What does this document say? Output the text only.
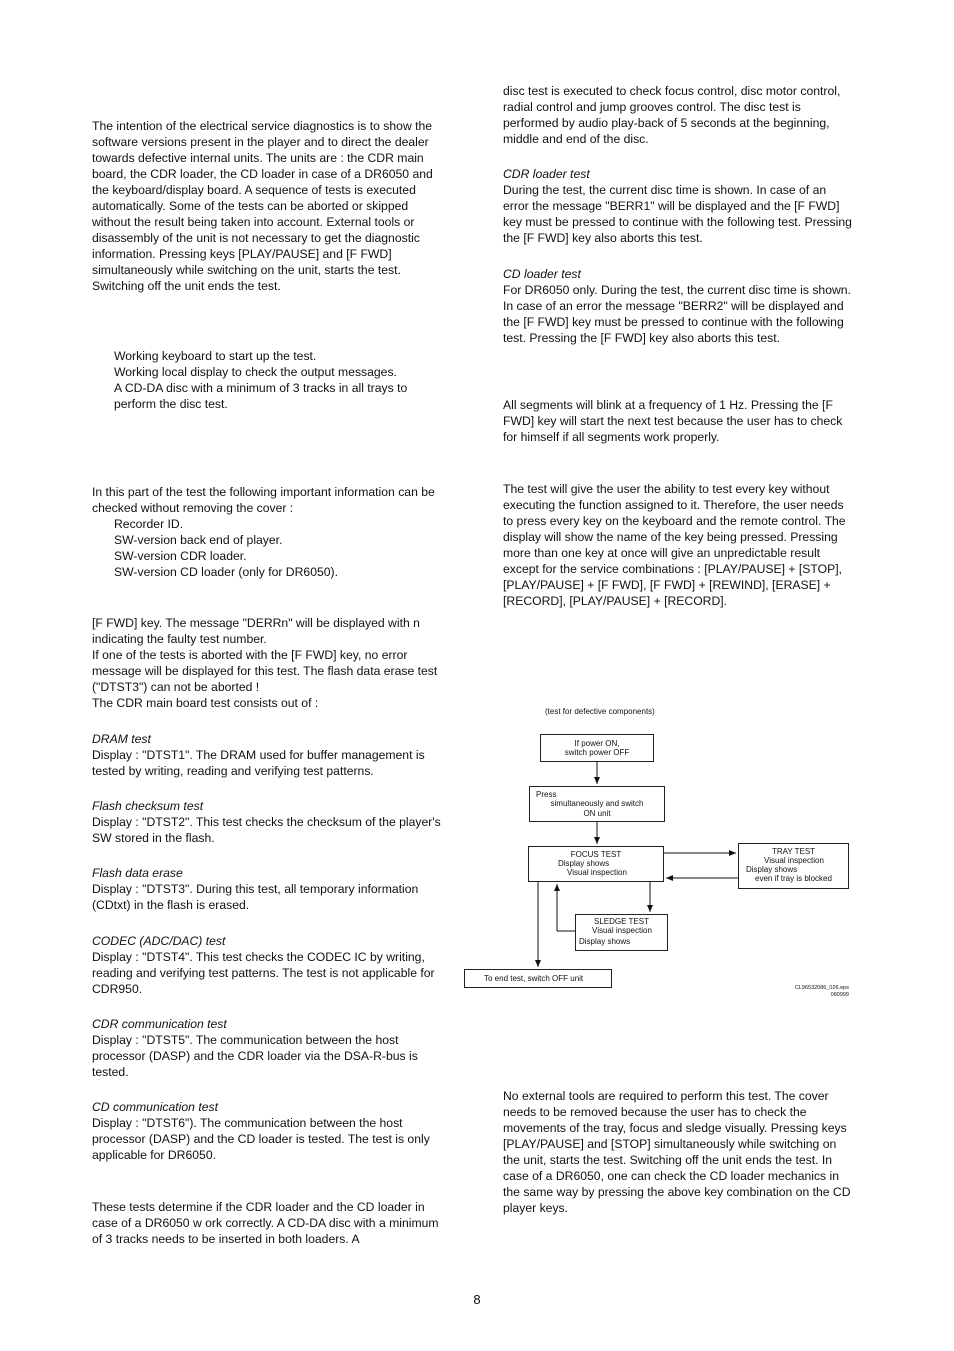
The intention of the electrical service diagnostics is to show the software versions present in the player and to direct the dealer towards defective internal units. The units are : the CDR main board, the CDR loader, the CD loader in case of a DR6050 and the keyboard/display board. A sequence of tests is executed automatically. Some of the tests can be aborted or skipped without the result being taken into account. External tools or disassembly of the unit is not necessary to get the diagnostic information. Pressing keys [PLAY/PAUSE] and [F FWD] simultaneously while switching on the unit, starts the test. Switching off the unit ends the test.

Working keyboard to start up the test.

Working local display to check the output messages.

A CD-DA disc with a minimum of 3 tracks in all trays to perform the disc test.

In this part of the test the following important information can be checked without removing the cover :

Recorder ID.

SW-version back end of player.

SW-version CDR loader.

SW-version CD loader (only for DR6050).

[F FWD] key. The message "DERRn" will be displayed with n indicating the faulty test number.

If one of the tests is aborted with the [F FWD] key, no error message will be displayed for this test. The flash data erase test ("DTST3") can not be aborted !

The CDR main board test consists out of :

DRAM test

Display : "DTST1". The DRAM used for buffer management is tested by writing, reading and verifying test patterns.

Flash checksum test

Display : "DTST2". This test checks the checksum of the player's SW stored in the flash.

Flash data erase

Display : "DTST3". During this test, all temporary information (CDtxt) in the flash is erased.

CODEC (ADC/DAC) test

Display : "DTST4". This test checks the CODEC IC by writing, reading and verifying test patterns. The test is not applicable for CDR950.

CDR communication test

Display : "DTST5". The communication between the host processor (DASP) and the CDR loader via the DSA-R-bus is tested.

CD communication test

Display : "DTST6"). The communication between the host processor (DASP) and the CD loader is tested. The test is only applicable for DR6050.

These tests determine if the CDR loader and the CD loader in case of a DR6050 w ork correctly. A CD-DA disc with a minimum of 3 tracks needs to be inserted in both loaders. A

disc test is executed to check focus control, disc motor control, radial control and jump grooves control. The disc test is performed by audio play-back of 5 seconds at the beginning, middle and end of the disc.

CDR loader test

During the test, the current disc time is shown. In case of an error the message "BERR1" will be displayed and the [F FWD] key must be pressed to continue with the following test. Pressing the [F FWD] key also aborts this test.

CD loader test

For DR6050 only. During the test, the current disc time is shown. In case of an error the message "BERR2" will be displayed and the [F FWD] key must be pressed to continue with the following test. Pressing the [F FWD] key also aborts this test.

All segments will blink at a frequency of 1 Hz. Pressing the [F FWD] key will start the next test because the user has to check for himself if all segments work properly.

The test will give the user the ability to test every key without executing the function assigned to it. Therefore, the user needs to press every key on the keyboard and the remote control. The display will show the name of the key being pressed. Pressing more than one key at once will give an unpredictable result except for the service combinations : [PLAY/PAUSE] + [STOP], [PLAY/PAUSE] + [F FWD], [F FWD] + [REWIND], [ERASE] + [RECORD], [PLAY/PAUSE] + [RECORD].

No external tools are required to perform this test. The cover needs to be removed because the user has to check the movements of the tray, focus and sledge visually. Pressing keys [PLAY/PAUSE] and [STOP] simultaneously while switching on the unit, starts the test. Switching off the unit ends the test. In case of a DR6050, one can check the CD loader mechanics in the same way by pressing the above key combination on the CD player keys.

(test for defective components)
If power ON,
switch power OFF
Press
simultaneously and switch
ON unit
FOCUS TEST
Display shows
Visual inspection
TRAY TEST
Visual inspection
Display shows
even if tray is blocked
SLEDGE TEST
Visual inspection
Display shows
To end test, switch OFF unit
CL96532086_026.eps
080999
8
